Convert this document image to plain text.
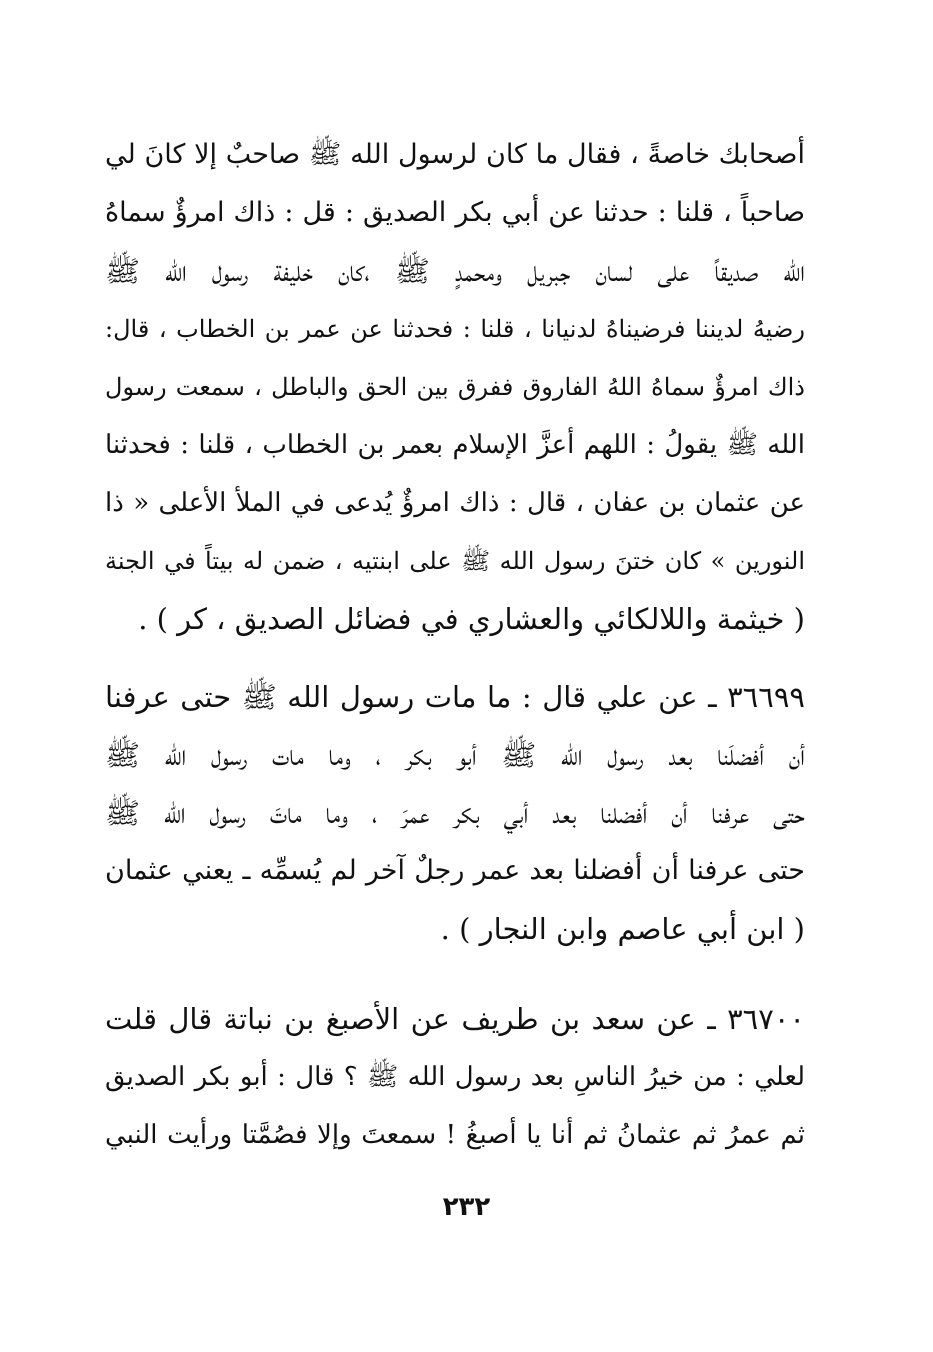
أصحابك خاصةً ، فقال ما كان لرسول الله ﷺ صاحبٌ إلا كانَ لي
صاحباً ، قلنا : حدثنا عن أبي بكر الصديق : قل : ذاك امرؤٌ سماهُ
الله صديقاً على لسان جبريل ومحمدٍ ﷺ ،كان خليفة رسول الله ﷺ
رضيهُ لديننا فرضيناهُ لدنيانا ، قلنا : فحدثنا عن عمر بن الخطاب ، قال:
ذاك امرؤٌ سماهُ اللهُ الفاروق ففرق بين الحق والباطل ، سمعت رسول
الله ﷺ يقولُ : اللهم أعزَّ الإسلام بعمر بن الخطاب ، قلنا : فحدثنا
عن عثمان بن عفان ، قال : ذاك امرؤٌ يُدعى في الملأ الأعلى « ذا
النورين » كان ختنَ رسول الله ﷺ على ابنتيه ، ضمن له بيتاً في الجنة
( خيثمة واللالكائي والعشاري في فضائل الصديق ، كر ) .
٣٦٦٩٩ ـ عن علي قال : ما مات رسول الله ﷺ حتى عرفنا
أن أفضلَنا بعد رسول الله ﷺ أبو بكر ، وما مات رسول الله ﷺ
حتى عرفنا أن أفضلنا بعد أبي بكر عمرَ ، وما ماتَ رسول الله ﷺ
حتى عرفنا أن أفضلنا بعد عمر رجلٌ آخر لم يُسمِّه ـ يعني عثمان
( ابن أبي عاصم وابن النجار ) .
٣٦٧٠٠ ـ عن سعد بن طريف عن الأصبغ بن نباتة قال قلت
لعلي : من خيرُ الناسِ بعد رسول الله ﷺ ؟ قال : أبو بكر الصديق
ثم عمرُ ثم عثمانُ ثم أنا يا أصبغُ ! سمعتَ وإلا فصُمَّتا ورأيت النبي
٢٣٢
